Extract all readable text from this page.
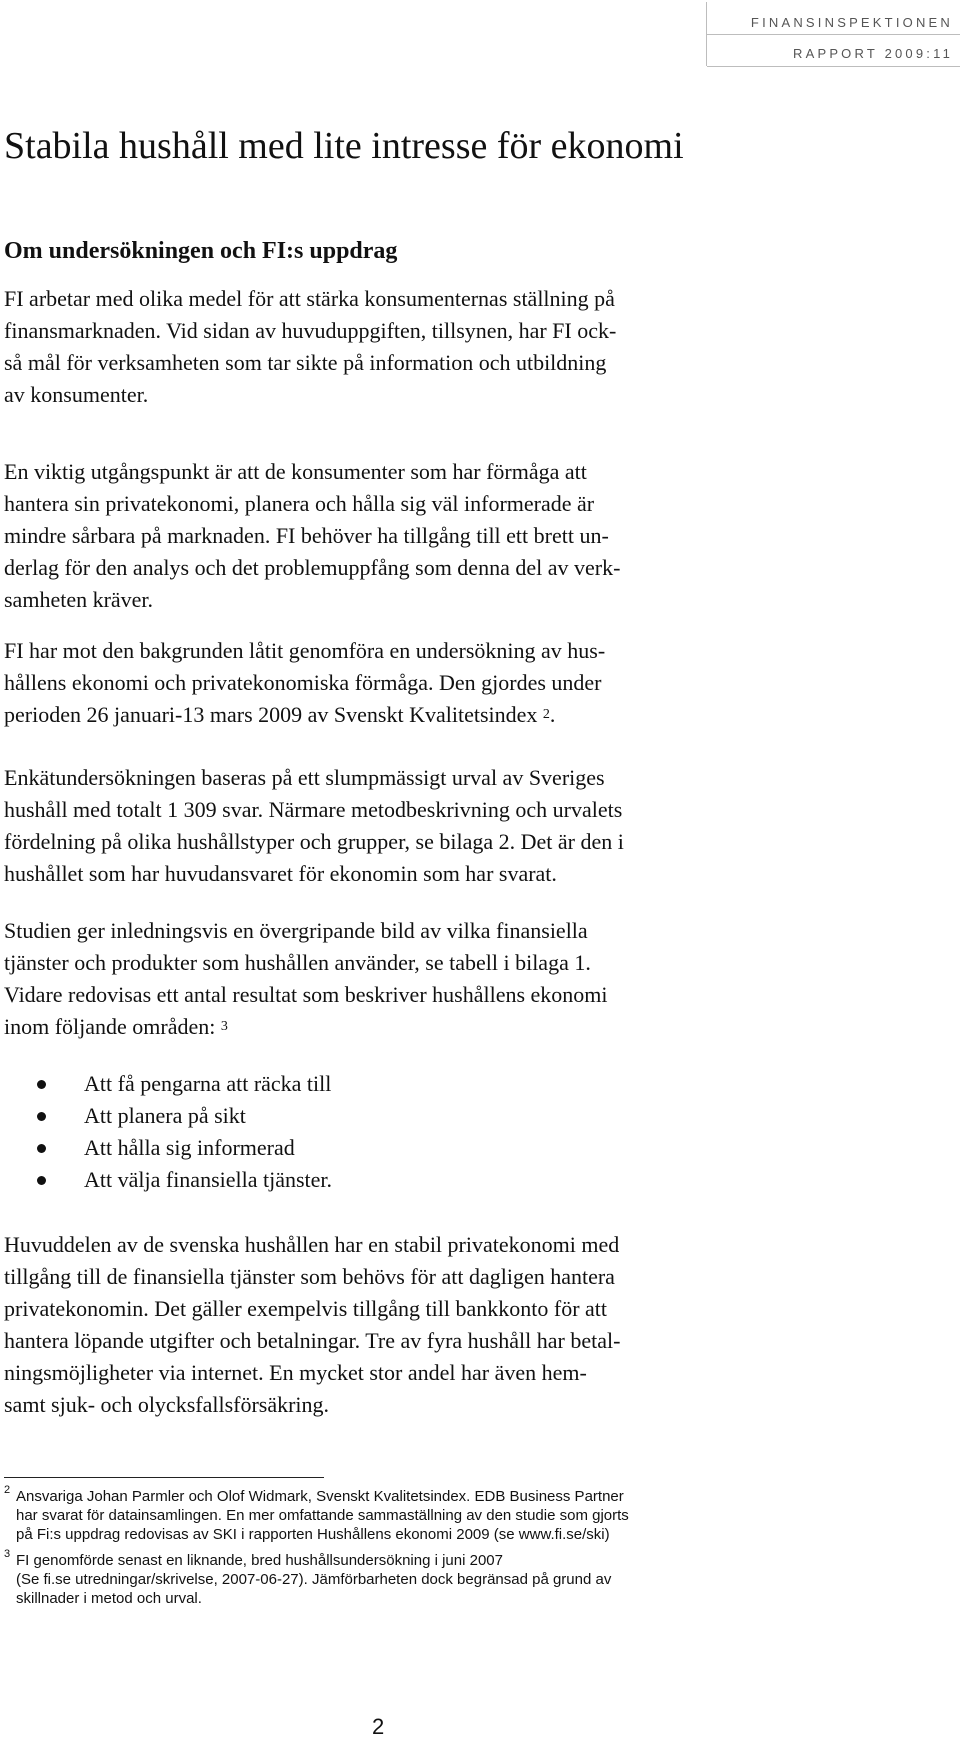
FINANSINSPEKTIONEN
RAPPORT 2009:11
Stabila hushåll med lite intresse för ekonomi
Om undersökningen och FI:s uppdrag
FI arbetar med olika medel för att stärka konsumenternas ställning på
finansmarknaden. Vid sidan av huvuduppgiften, tillsynen, har FI ock-
så mål för verksamheten som tar sikte på information och utbildning
av konsumenter.
En viktig utgångspunkt är att de konsumenter som har förmåga att
hantera sin privatekonomi, planera och hålla sig väl informerade är
mindre sårbara på marknaden. FI behöver ha tillgång till ett brett un-
derlag för den analys och det problemuppfång som denna del av verk-
samheten kräver.
FI har mot den bakgrunden låtit genomföra en undersökning av hus-
hållens ekonomi och privatekonomiska förmåga. Den gjordes under
perioden 26 januari-13 mars 2009 av Svenskt Kvalitetsindex $^2$.
Enkätundersökningen baseras på ett slumpmässigt urval av Sveriges
hushåll med totalt 1 309 svar. Närmare metodbeskrivning och urvalets
fördelning på olika hushållstyper och grupper, se bilaga 2. Det är den i
hushållet som har huvudansvaret för ekonomin som har svarat.
Studien ger inledningsvis en övergripande bild av vilka finansiella
tjänster och produkter som hushållen använder, se tabell i bilaga 1.
Vidare redovisas ett antal resultat som beskriver hushållens ekonomi
inom följande områden: $^3$
Att få pengarna att räcka till
Att planera på sikt
Att hålla sig informerad
Att välja finansiella tjänster.
Huvuddelen av de svenska hushållen har en stabil privatekonomi med
tillgång till de finansiella tjänster som behövs för att dagligen hantera
privatekonomin. Det gäller exempelvis tillgång till bankkonto för att
hantera löpande utgifter och betalningar. Tre av fyra hushåll har betal-
ningsmöjligheter via internet. En mycket stor andel har även hem-
samt sjuk- och olycksfallsförsäkring.
2 Ansvariga Johan Parmler och Olof Widmark, Svenskt Kvalitetsindex. EDB Business Partner
har svarat för datainsamlingen. En mer omfattande sammaställning av den studie som gjorts
på Fi:s uppdrag redovisas av SKI i rapporten Hushållens ekonomi 2009 (se www.fi.se/ski)
3 FI genomförde senast en liknande, bred hushållsundersökning i juni 2007
(Se fi.se utredningar/skrivelse, 2007-06-27). Jämförbarheten dock begränsad på grund av
skillnader i metod och urval.
2
